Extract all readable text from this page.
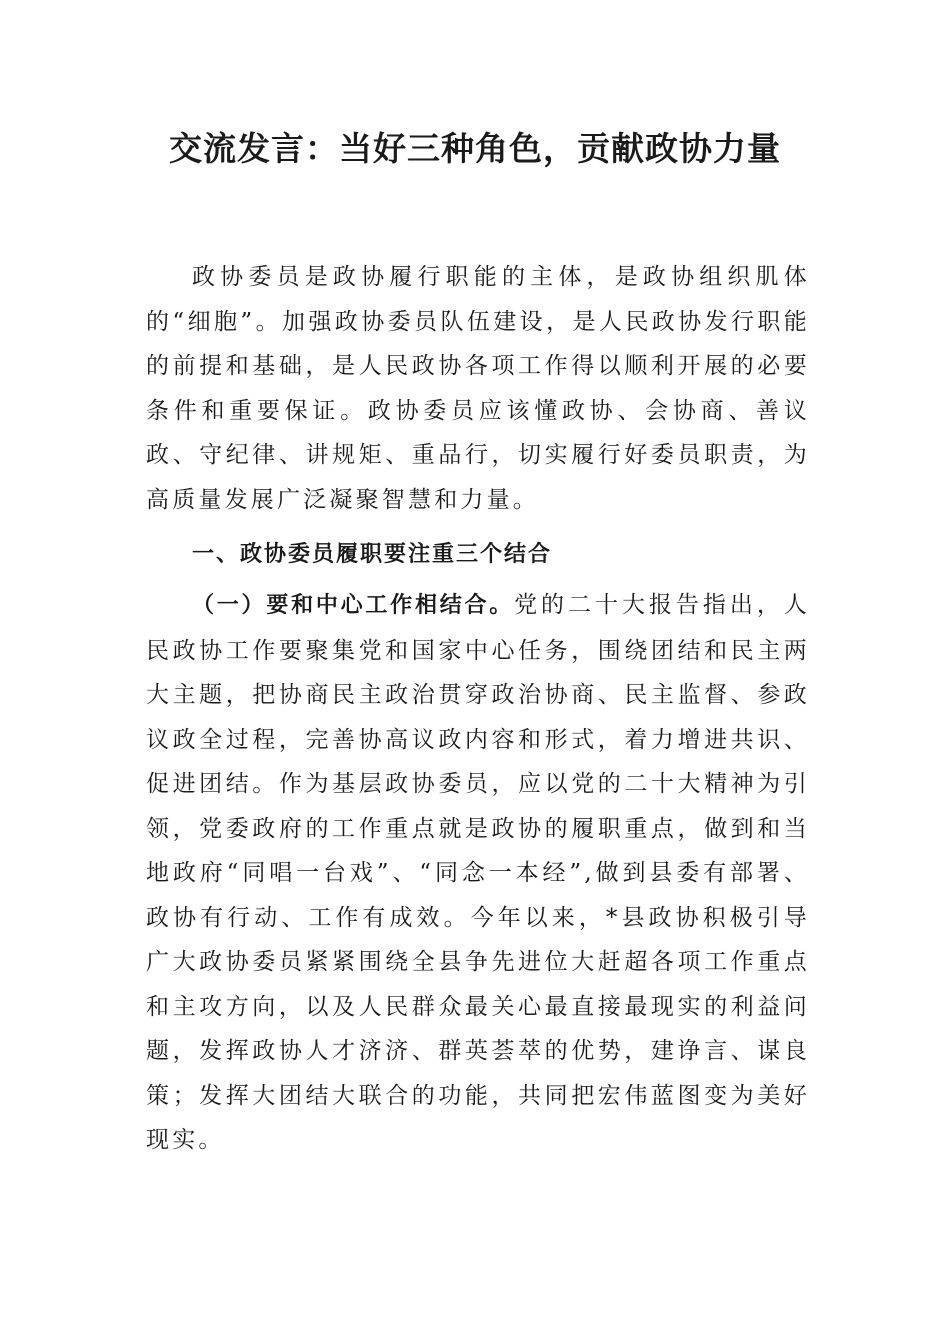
交流发言：当好三种角色，贡献政协力量

政协委员是政协履行职能的主体，是政协组织肌体的“细胞”。加强政协委员队伍建设，是人民政协发行职能的前提和基础，是人民政协各项工作得以顺利开展的必要条件和重要保证。政协委员应该懂政协、会协商、善议政、守纪律、讲规矩、重品行，切实履行好委员职责，为高质量发展广泛凝聚智慧和力量。

一、政协委员履职要注重三个结合

（一）要和中心工作相结合。党的二十大报告指出，人民政协工作要聚集党和国家中心任务，围绕团结和民主两大主题，把协商民主政治贯穿政治协商、民主监督、参政议政全过程，完善协高议政内容和形式，着力增进共识、促进团结。作为基层政协委员，应以党的二十大精神为引领，党委政府的工作重点就是政协的履职重点，做到和当地政府“同唱一台戏”、“同念一本经”,做到县委有部署、政协有行动、工作有成效。今年以来，*县政协积极引导广大政协委员紧紧围绕全县争先进位大赶超各项工作重点和主攻方向，以及人民群众最关心最直接最现实的利益问题，发挥政协人才济济、群英荟萃的优势，建诤言、谋良策；发挥大团结大联合的功能，共同把宏伟蓝图变为美好现实。
